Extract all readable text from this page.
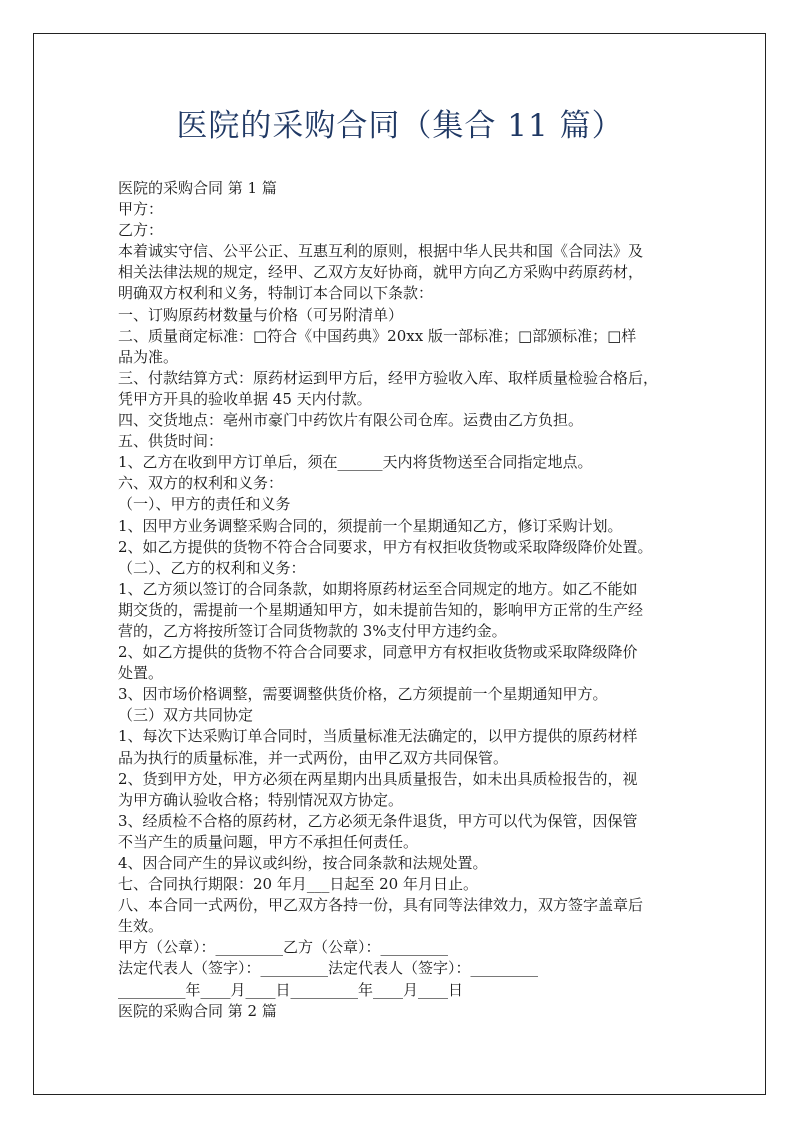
医院的采购合同（集合 11 篇）
医院的采购合同 第 1 篇
甲方：
乙方：
本着诚实守信、公平公正、互惠互利的原则，根据中华人民共和国《合同法》及
相关法律法规的规定，经甲、乙双方友好协商，就甲方向乙方采购中药原药材，
明确双方权利和义务，特制订本合同以下条款：
一、订购原药材数量与价格（可另附清单）
二、质量商定标准：□符合《中国药典》20xx 版一部标准；□部颁标准；□样
品为准。
三、付款结算方式：原药材运到甲方后，经甲方验收入库、取样质量检验合格后，
凭甲方开具的验收单据 45 天内付款。
四、交货地点：亳州市豪门中药饮片有限公司仓库。运费由乙方负担。
五、供货时间：
1、乙方在收到甲方订单后，须在______天内将货物送至合同指定地点。
六、双方的权利和义务：
（一）、甲方的责任和义务
1、因甲方业务调整采购合同的，须提前一个星期通知乙方，修订采购计划。
2、如乙方提供的货物不符合合同要求，甲方有权拒收货物或采取降级降价处置。
（二）、乙方的权利和义务：
1、乙方须以签订的合同条款，如期将原药材运至合同规定的地方。如乙不能如
期交货的，需提前一个星期通知甲方，如未提前告知的，影响甲方正常的生产经
营的，乙方将按所签订合同货物款的 3%支付甲方违约金。
2、如乙方提供的货物不符合合同要求，同意甲方有权拒收货物或采取降级降价
处置。
3、因市场价格调整，需要调整供货价格，乙方须提前一个星期通知甲方。
（三）双方共同协定
1、每次下达采购订单合同时，当质量标准无法确定的，以甲方提供的原药材样
品为执行的质量标准，并一式两份，由甲乙双方共同保管。
2、货到甲方处，甲方必须在两星期内出具质量报告，如未出具质检报告的，视
为甲方确认验收合格；特别情况双方协定。
3、经质检不合格的原药材，乙方必须无条件退货，甲方可以代为保管，因保管
不当产生的质量问题，甲方不承担任何责任。
4、因合同产生的异议或纠纷，按合同条款和法规处置。
七、合同执行期限：20 年月___日起至 20 年月日止。
八、本合同一式两份，甲乙双方各持一份，具有同等法律效力，双方签字盖章后
生效。
甲方（公章）：_________乙方（公章）：_________
法定代表人（签字）：_________法定代表人（签字）：_________
_________年____月____日_________年____月____日
医院的采购合同 第 2 篇
